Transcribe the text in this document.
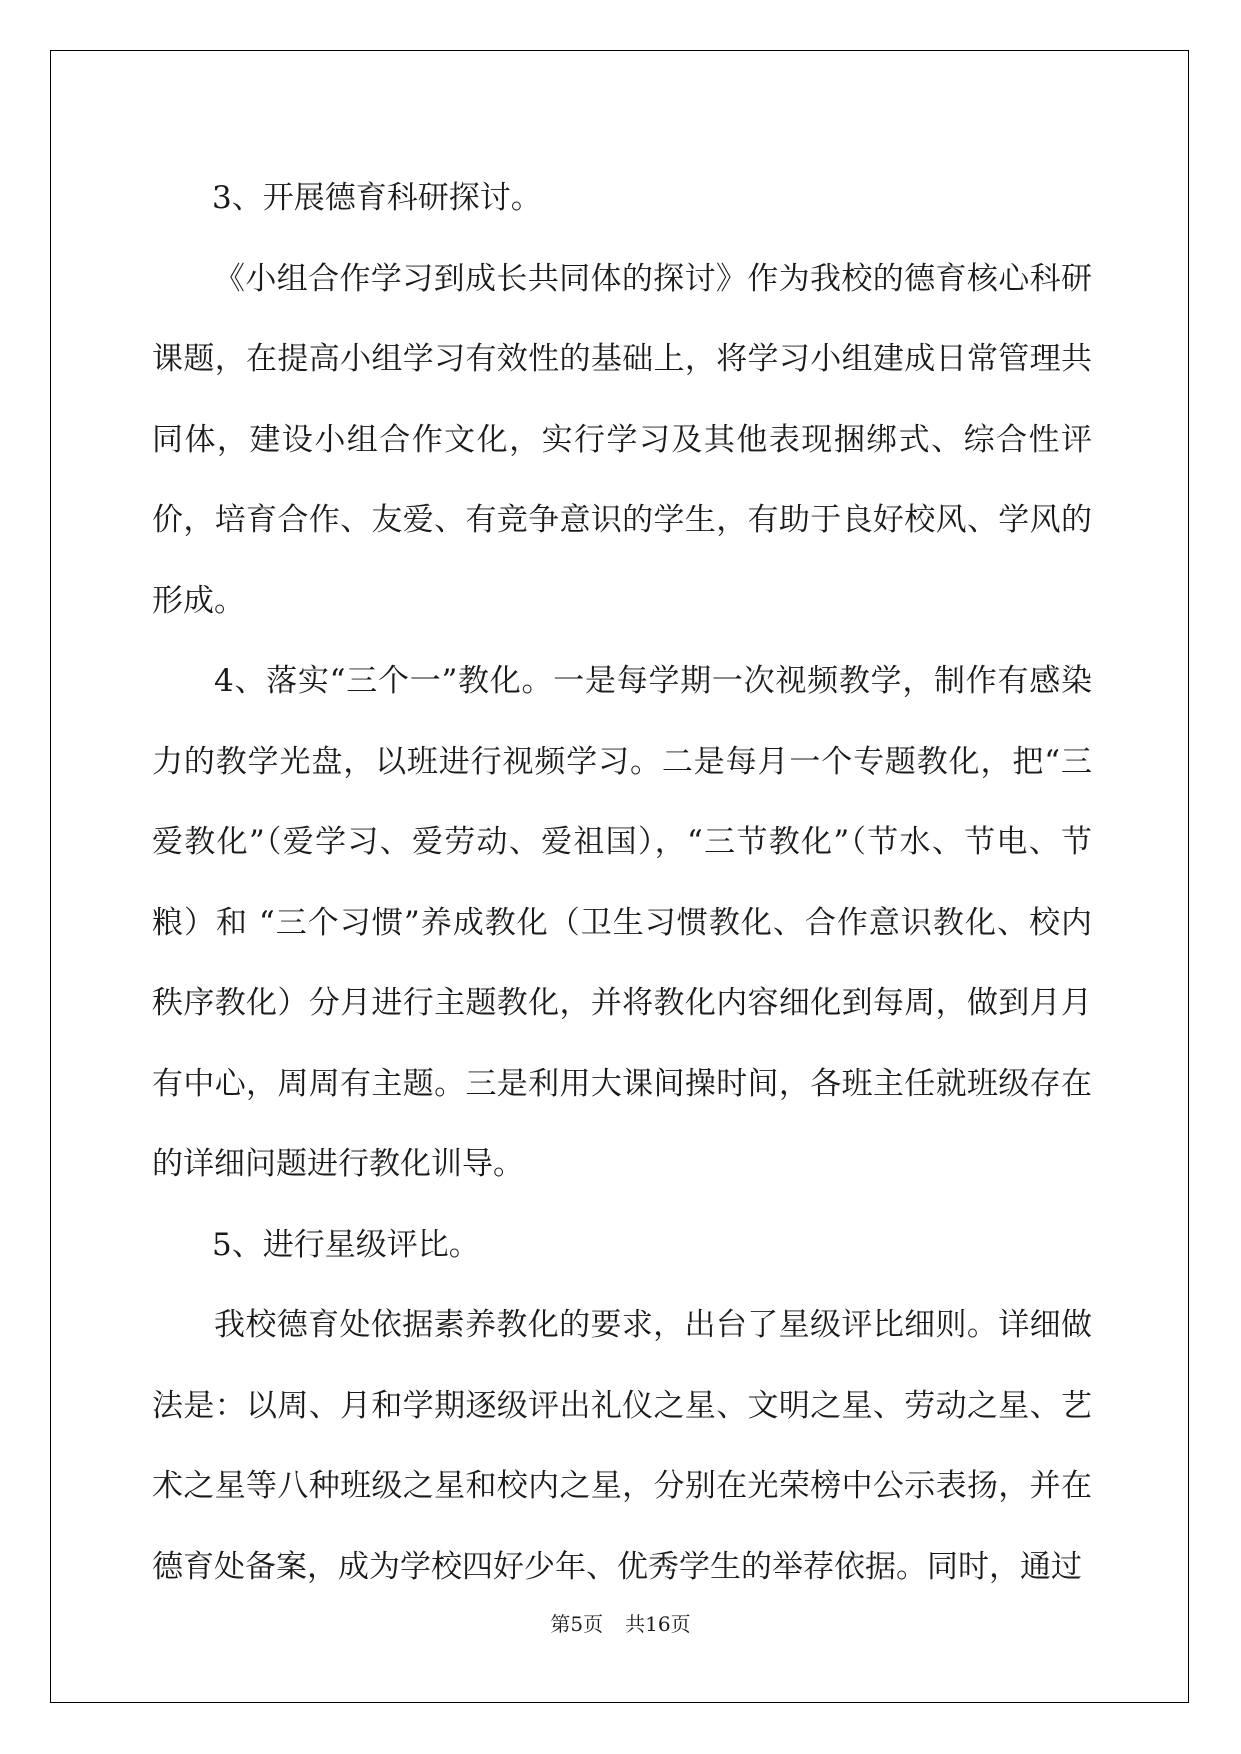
3、开展德育科研探讨。

《小组合作学习到成长共同体的探讨》作为我校的德育核心科研课题，在提高小组学习有效性的基础上，将学习小组建成日常管理共同体，建设小组合作文化，实行学习及其他表现捆绑式、综合性评价，培育合作、友爱、有竞争意识的学生，有助于良好校风、学风的形成。

4、落实“三个一”教化。一是每学期一次视频教学，制作有感染力的教学光盘，以班进行视频学习。二是每月一个专题教化，把“三爱教化”（爱学习、爱劳动、爱祖国），“三节教化”（节水、节电、节粮）和 “三个习惯”养成教化（卫生习惯教化、合作意识教化、校内秩序教化）分月进行主题教化，并将教化内容细化到每周，做到月月有中心，周周有主题。三是利用大课间操时间，各班主任就班级存在的详细问题进行教化训导。

5、进行星级评比。

我校德育处依据素养教化的要求，出台了星级评比细则。详细做法是：以周、月和学期逐级评出礼仪之星、文明之星、劳动之星、艺术之星等八种班级之星和校内之星，分别在光荣榜中公示表扬，并在德育处备案，成为学校四好少年、优秀学生的举荐依据。同时，通过

第5页 共16页
